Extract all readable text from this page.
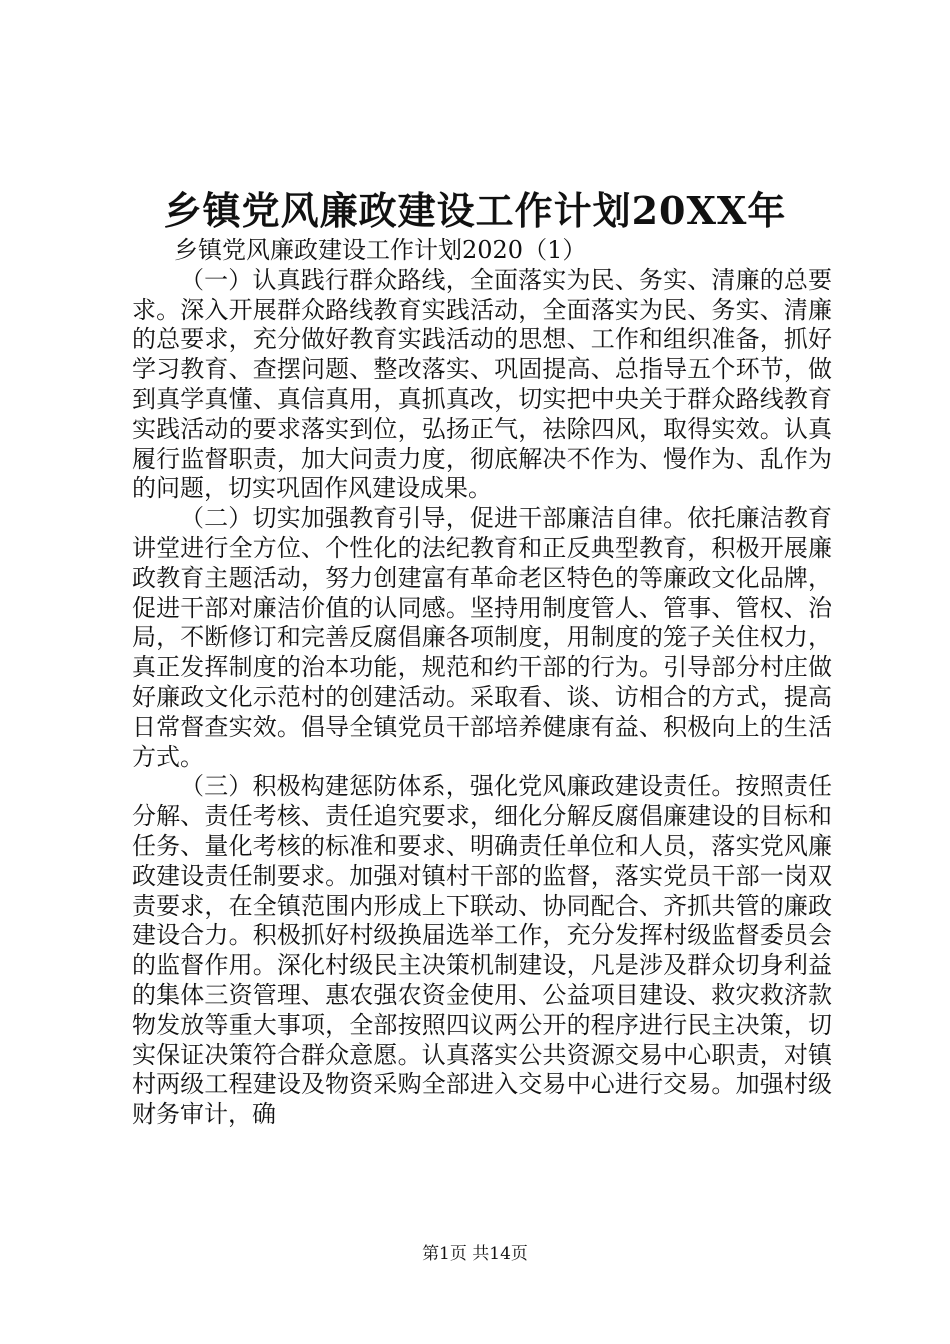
乡镇党风廉政建设工作计划20XX年

乡镇党风廉政建设工作计划2020（1）

（一）认真践行群众路线，全面落实为民、务实、清廉的总要求。深入开展群众路线教育实践活动，全面落实为民、务实、清廉的总要求，充分做好教育实践活动的思想、工作和组织准备，抓好学习教育、查摆问题、整改落实、巩固提高、总指导五个环节，做到真学真懂、真信真用，真抓真改，切实把中央关于群众路线教育实践活动的要求落实到位，弘扬正气，祛除四风，取得实效。认真履行监督职责，加大问责力度，彻底解决不作为、慢作为、乱作为的问题，切实巩固作风建设成果。

（二）切实加强教育引导，促进干部廉洁自律。依托廉洁教育讲堂进行全方位、个性化的法纪教育和正反典型教育，积极开展廉政教育主题活动，努力创建富有革命老区特色的等廉政文化品牌，促进干部对廉洁价值的认同感。坚持用制度管人、管事、管权、治局，不断修订和完善反腐倡廉各项制度，用制度的笼子关住权力，真正发挥制度的治本功能，规范和约干部的行为。引导部分村庄做好廉政文化示范村的创建活动。采取看、谈、访相合的方式，提高日常督查实效。倡导全镇党员干部培养健康有益、积极向上的生活方式。

（三）积极构建惩防体系，强化党风廉政建设责任。按照责任分解、责任考核、责任追究要求，细化分解反腐倡廉建设的目标和任务、量化考核的标准和要求、明确责任单位和人员，落实党风廉政建设责任制要求。加强对镇村干部的监督，落实党员干部一岗双责要求，在全镇范围内形成上下联动、协同配合、齐抓共管的廉政建设合力。积极抓好村级换届选举工作，充分发挥村级监督委员会的监督作用。深化村级民主决策机制建设，凡是涉及群众切身利益的集体三资管理、惠农强农资金使用、公益项目建设、救灾救济款物发放等重大事项，全部按照四议两公开的程序进行民主决策，切实保证决策符合群众意愿。认真落实公共资源交易中心职责，对镇村两级工程建设及物资采购全部进入交易中心进行交易。加强村级财务审计，确

第1页 共14页
